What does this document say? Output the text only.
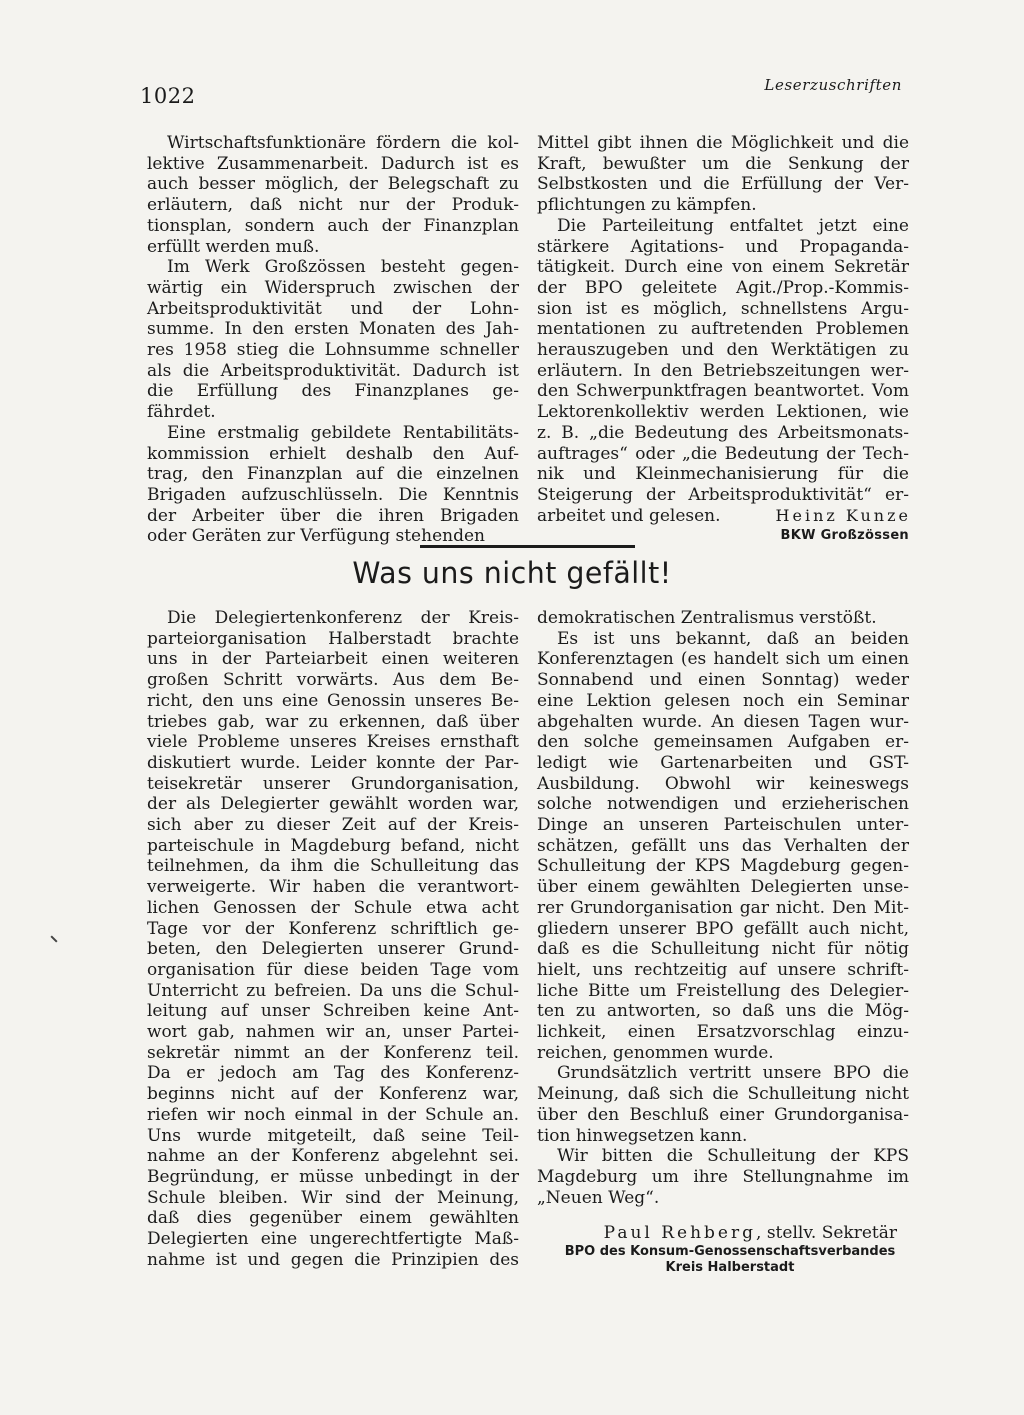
1022	Leserzuschriften

Wirtschaftsfunktionäre fördern die kol-
lektive Zusammenarbeit. Dadurch ist es
auch besser möglich, der Belegschaft zu
erläutern, daß nicht nur der Produk-
tionsplan, sondern auch der Finanzplan
erfüllt werden muß.
Im Werk Großzössen besteht gegen-
wärtig ein Widerspruch zwischen der
Arbeitsproduktivität und der Lohn-
summe. In den ersten Monaten des Jah-
res 1958 stieg die Lohnsumme schneller
als die Arbeitsproduktivität. Dadurch ist
die Erfüllung des Finanzplanes ge-
fährdet.
Eine erstmalig gebildete Rentabilitäts-
kommission erhielt deshalb den Auf-
trag, den Finanzplan auf die einzelnen
Brigaden aufzuschlüsseln. Die Kenntnis
der Arbeiter über die ihren Brigaden
oder Geräten zur Verfügung stehenden

Mittel gibt ihnen die Möglichkeit und die
Kraft, bewußter um die Senkung der
Selbstkosten und die Erfüllung der Ver-
pflichtungen zu kämpfen.
Die Parteileitung entfaltet jetzt eine
stärkere Agitations- und Propaganda-
tätigkeit. Durch eine von einem Sekretär
der BPO geleitete Agit./Prop.-Kommis-
sion ist es möglich, schnellstens Argu-
mentationen zu auftretenden Problemen
herauszugeben und den Werktätigen zu
erläutern. In den Betriebszeitungen wer-
den Schwerpunktfragen beantwortet. Vom
Lektorenkollektiv werden Lektionen, wie
z. B. „die Bedeutung des Arbeitsmonats-
auftrages“ oder „die Bedeutung der Tech-
nik und Kleinmechanisierung für die
Steigerung der Arbeitsproduktivität“ er-

arbeitet und gelesen.	Heinz Kunze
BKW Großzössen
Was uns nicht gefällt!

Die Delegiertenkonferenz der Kreis-
parteiorganisation Halberstadt brachte
uns in der Parteiarbeit einen weiteren
großen Schritt vorwärts. Aus dem Be-
richt, den uns eine Genossin unseres Be-
triebes gab, war zu erkennen, daß über
viele Probleme unseres Kreises ernsthaft
diskutiert wurde. Leider konnte der Par-
teisekretär unserer Grundorganisation,
der als Delegierter gewählt worden war,
sich aber zu dieser Zeit auf der Kreis-
parteischule in Magdeburg befand, nicht
teilnehmen, da ihm die Schulleitung das
verweigerte. Wir haben die verantwort-
lichen Genossen der Schule etwa acht
Tage vor der Konferenz schriftlich ge-
beten, den Delegierten unserer Grund-
organisation für diese beiden Tage vom
Unterricht zu befreien. Da uns die Schul-
leitung auf unser Schreiben keine Ant-
wort gab, nahmen wir an, unser Partei-
sekretär nimmt an der Konferenz teil.
Da er jedoch am Tag des Konferenz-
beginns nicht auf der Konferenz war,
riefen wir noch einmal in der Schule an.
Uns wurde mitgeteilt, daß seine Teil-
nahme an der Konferenz abgelehnt sei.
Begründung, er müsse unbedingt in der
Schule bleiben. Wir sind der Meinung,
daß dies gegenüber einem gewählten
Delegierten eine ungerechtfertigte Maß-
nahme ist und gegen die Prinzipien des

demokratischen Zentralismus verstößt.
Es ist uns bekannt, daß an beiden
Konferenztagen (es handelt sich um einen
Sonnabend und einen Sonntag) weder
eine Lektion gelesen noch ein Seminar
abgehalten wurde. An diesen Tagen wur-
den solche gemeinsamen Aufgaben er-
ledigt wie Gartenarbeiten und GST-
Ausbildung. Obwohl wir keineswegs
solche notwendigen und erzieherischen
Dinge an unseren Parteischulen unter-
schätzen, gefällt uns das Verhalten der
Schulleitung der KPS Magdeburg gegen-
über einem gewählten Delegierten unse-
rer Grundorganisation gar nicht. Den Mit-
gliedern unserer BPO gefällt auch nicht,
daß es die Schulleitung nicht für nötig
hielt, uns rechtzeitig auf unsere schrift-
liche Bitte um Freistellung des Delegier-
ten zu antworten, so daß uns die Mög-
lichkeit, einen Ersatzvorschlag einzu-
reichen, genommen wurde.
Grundsätzlich vertritt unsere BPO die
Meinung, daß sich die Schulleitung nicht
über den Beschluß einer Grundorganisa-
tion hinwegsetzen kann.
Wir bitten die Schulleitung der KPS
Magdeburg um ihre Stellungnahme im
„Neuen Weg“.

Paul Rehberg, stellv. Sekretär
BPO des Konsum-Genossenschaftsverbandes
Kreis Halberstadt
